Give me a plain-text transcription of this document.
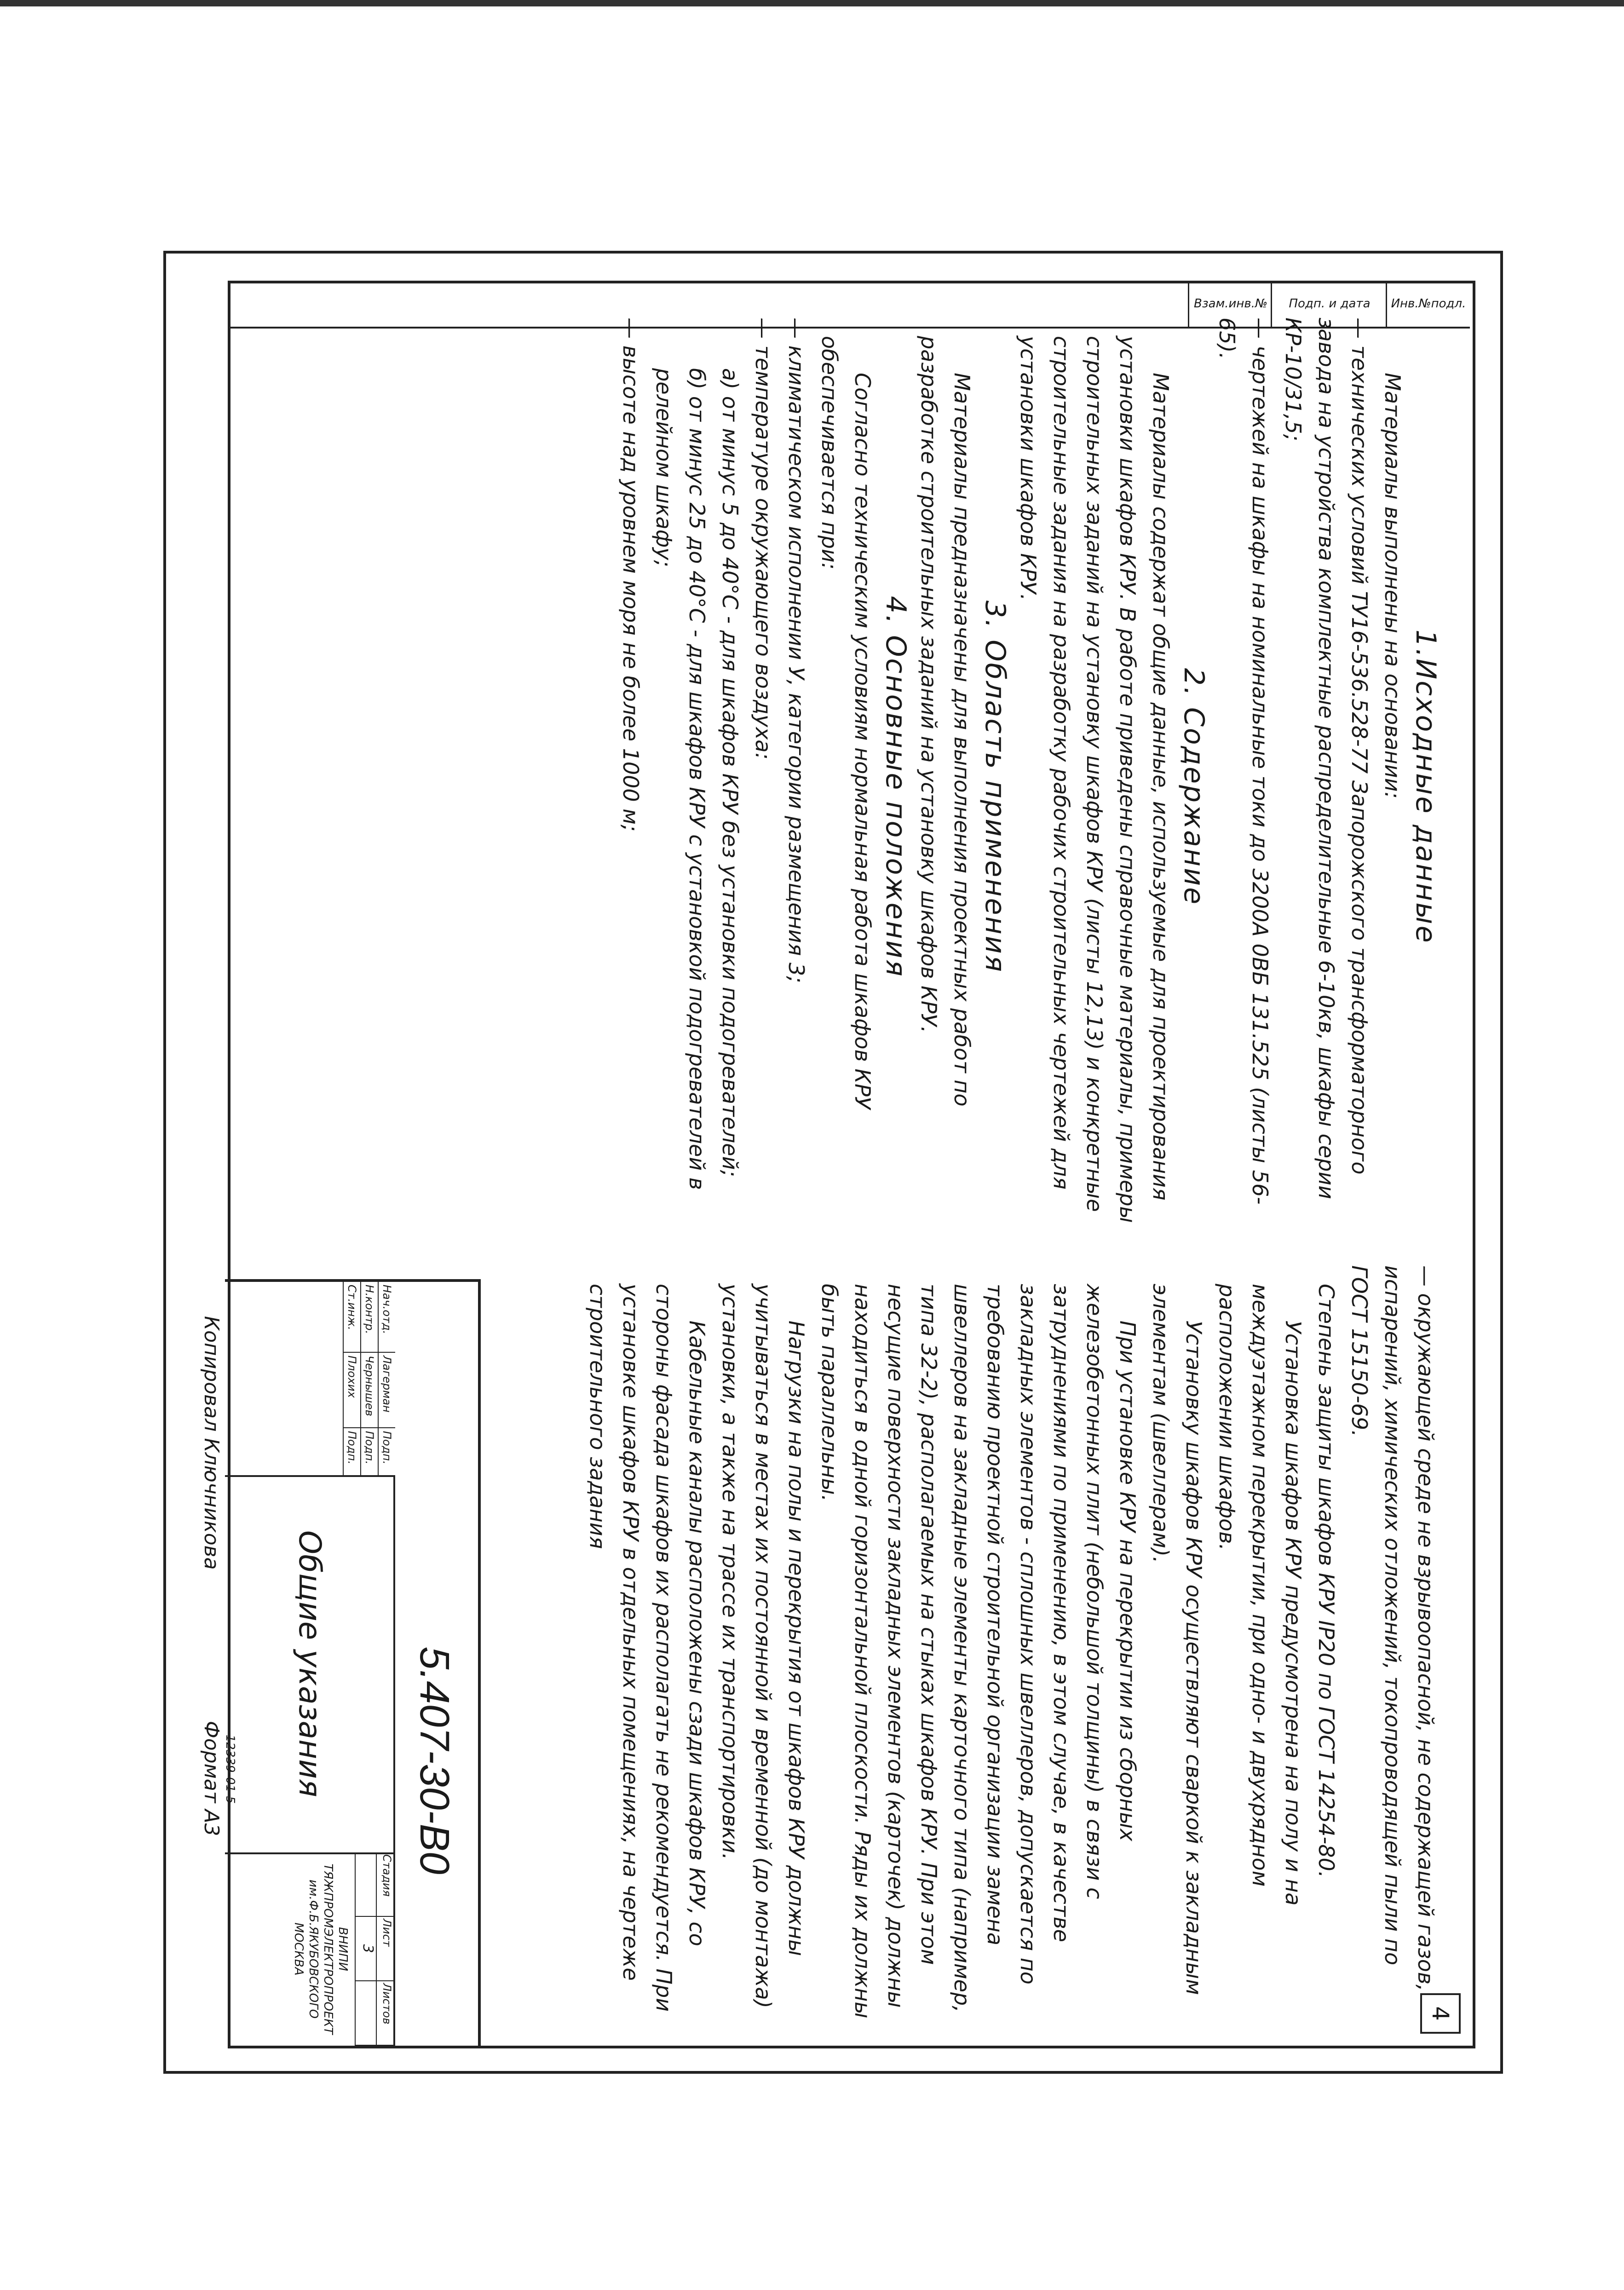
Инв.№подл.
Подп. и дата
Взам.инв.№
4

1.Исходные данные

Материалы выполнены на основании:

— технических условий ТУ16-536.528-77 Запорожского трансформаторного завода на устройства комплектные распределительные 6-10кв, шкафы серии КР-10/31,5;

— чертежей на шкафы на номинальные токи до 3200А 0ВБ 131.525 (листы 56-65).

2. Содержание

Материалы содержат общие данные, используемые для проектирования установки шкафов КРУ. В работе приведены справочные материалы, примеры строительных заданий на установку шкафов КРУ (листы 12,13) и конкретные строительные задания на разработку рабочих строительных чертежей для установки шкафов КРУ.

3. Область применения

Материалы предназначены для выполнения проектных работ по разработке строительных заданий на установку шкафов КРУ.

4. Основные положения

Согласно техническим условиям нормальная работа шкафов КРУ обеспечивается при:

— климатическом исполнении У, категории размещения 3;

— температуре окружающего воздуха:

а) от минус 5 до 40°С - для шкафов КРУ без установки подогревателей;

б) от минус 25 до 40°С - для шкафов КРУ с установкой подогревателей в релейном шкафу;

— высоте над уровнем моря не более 1000 м;

— окружающей среде не взрывоопасной, не содержащей газов, испарений, химических отложений, токопроводящей пыли по ГОСТ 15150-69.

Степень защиты шкафов КРУ IP20 по ГОСТ 14254-80.

Установка шкафов КРУ предусмотрена на полу и на междуэтажном перекрытии, при одно- и двухрядном расположении шкафов.

Установку шкафов КРУ осуществляют сваркой к закладным элементам (швеллерам).

При установке КРУ на перекрытии из сборных железобетонных плит (небольшой толщины) в связи с затруднениями по применению, в этом случае, в качестве закладных элементов - сплошных швеллеров, допускается по требованию проектной строительной организации замена швеллеров на закладные элементы карточного типа (например, типа 32-2), располагаемых на стыках шкафов КРУ. При этом несущие поверхности закладных элементов (карточек) должны находиться в одной горизонтальной плоскости. Ряды их должны быть параллельны.

Нагрузки на полы и перекрытия от шкафов КРУ должны учитываться в местах их постоянной и временной (до монтажа) установки, а также на трассе их транспортировки.

Кабельные каналы расположены сзади шкафов КРУ, со стороны фасада шкафов их располагать не рекомендуется. При установке шкафов КРУ в отдельных помещениях, на чертеже строительного задания

5.407-30-В0
Нач.отд.
Лагерман
Подп.
Н.контр.
Чернышев
Подп.
Ст.инж.
Плохих
Подп.
Общие указания
Стадия
Лист
Листов
3
ВНИПИ ТЯЖПРОМЭЛЕКТРОПРОЕКТ им.Ф.Б.ЯКУБОВСКОГО МОСКВА
Копировал Ключникова
12339-01 5
Формат А3
